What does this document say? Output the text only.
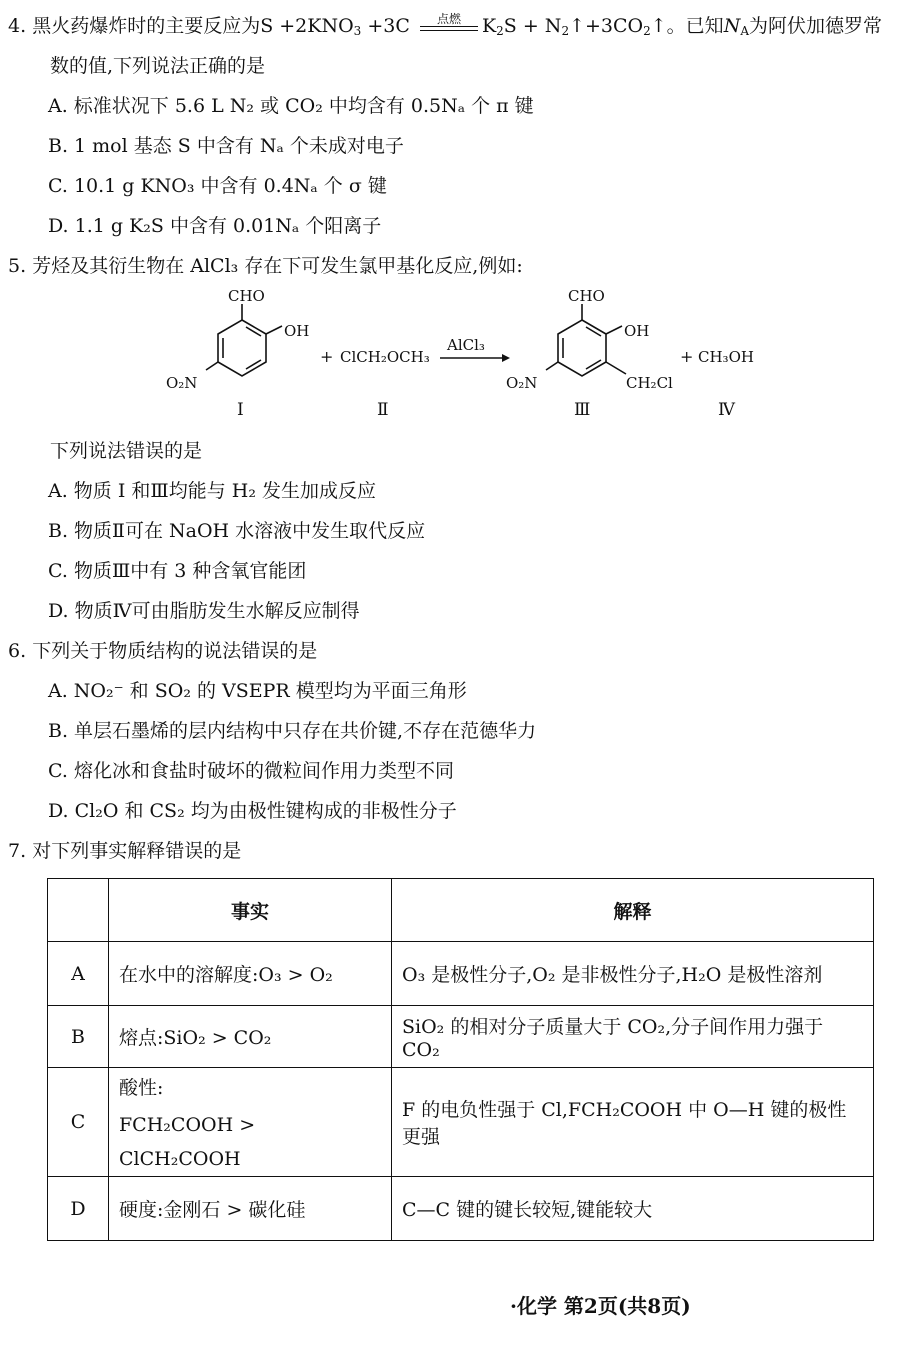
4. 黑火药爆炸时的主要反应为$S +2KNO_3 +3C$	点燃	$K_2S$ + $N_2↑+3CO_2↑$。已知$N_A$为阿伏加德罗常
数的值,下列说法正确的是
A. 标准状况下 5.6 L N₂ 或 CO₂ 中均含有 0.5Nₐ 个 π 键
B. 1 mol 基态 S 中含有 Nₐ 个未成对电子
C. 10.1 g KNO₃ 中含有 0.4Nₐ 个 σ 键
D. 1.1 g K₂S 中含有 0.01Nₐ 个阳离子
5. 芳烃及其衍生物在 AlCl₃ 存在下可发生氯甲基化反应,例如:
CHO
OH
O₂N
I
+ ClCH₂OCH₃
Ⅱ
AlCl₃
CHO
OH
O₂N	CH₂Cl
Ⅲ
+ CH₃OH
Ⅳ
下列说法错误的是
A. 物质 I 和Ⅲ均能与 H₂ 发生加成反应
B. 物质Ⅱ可在 NaOH 水溶液中发生取代反应
C. 物质Ⅲ中有 3 种含氧官能团
D. 物质Ⅳ可由脂肪发生水解反应制得
6. 下列关于物质结构的说法错误的是
A. NO₂⁻ 和 SO₂ 的 VSEPR 模型均为平面三角形
B. 单层石墨烯的层内结构中只存在共价键,不存在范德华力
C. 熔化冰和食盐时破坏的微粒间作用力类型不同
D. Cl₂O 和 CS₂ 均为由极性键构成的非极性分子
7. 对下列事实解释错误的是
	事实	解释
A	在水中的溶解度:O₃ > O₂	O₃ 是极性分子,O₂ 是非极性分子,H₂O 是极性溶剂
B	熔点:SiO₂ > CO₂	SiO₂ 的相对分子质量大于 CO₂,分子间作用力强于 CO₂
C	酸性:
FCH₂COOH > ClCH₂COOH	F 的电负性强于 Cl,FCH₂COOH 中 O—H 键的极性更强
D	硬度:金刚石 > 碳化硅	C—C 键的键长较短,键能较大
·化学 第2页(共8页)
